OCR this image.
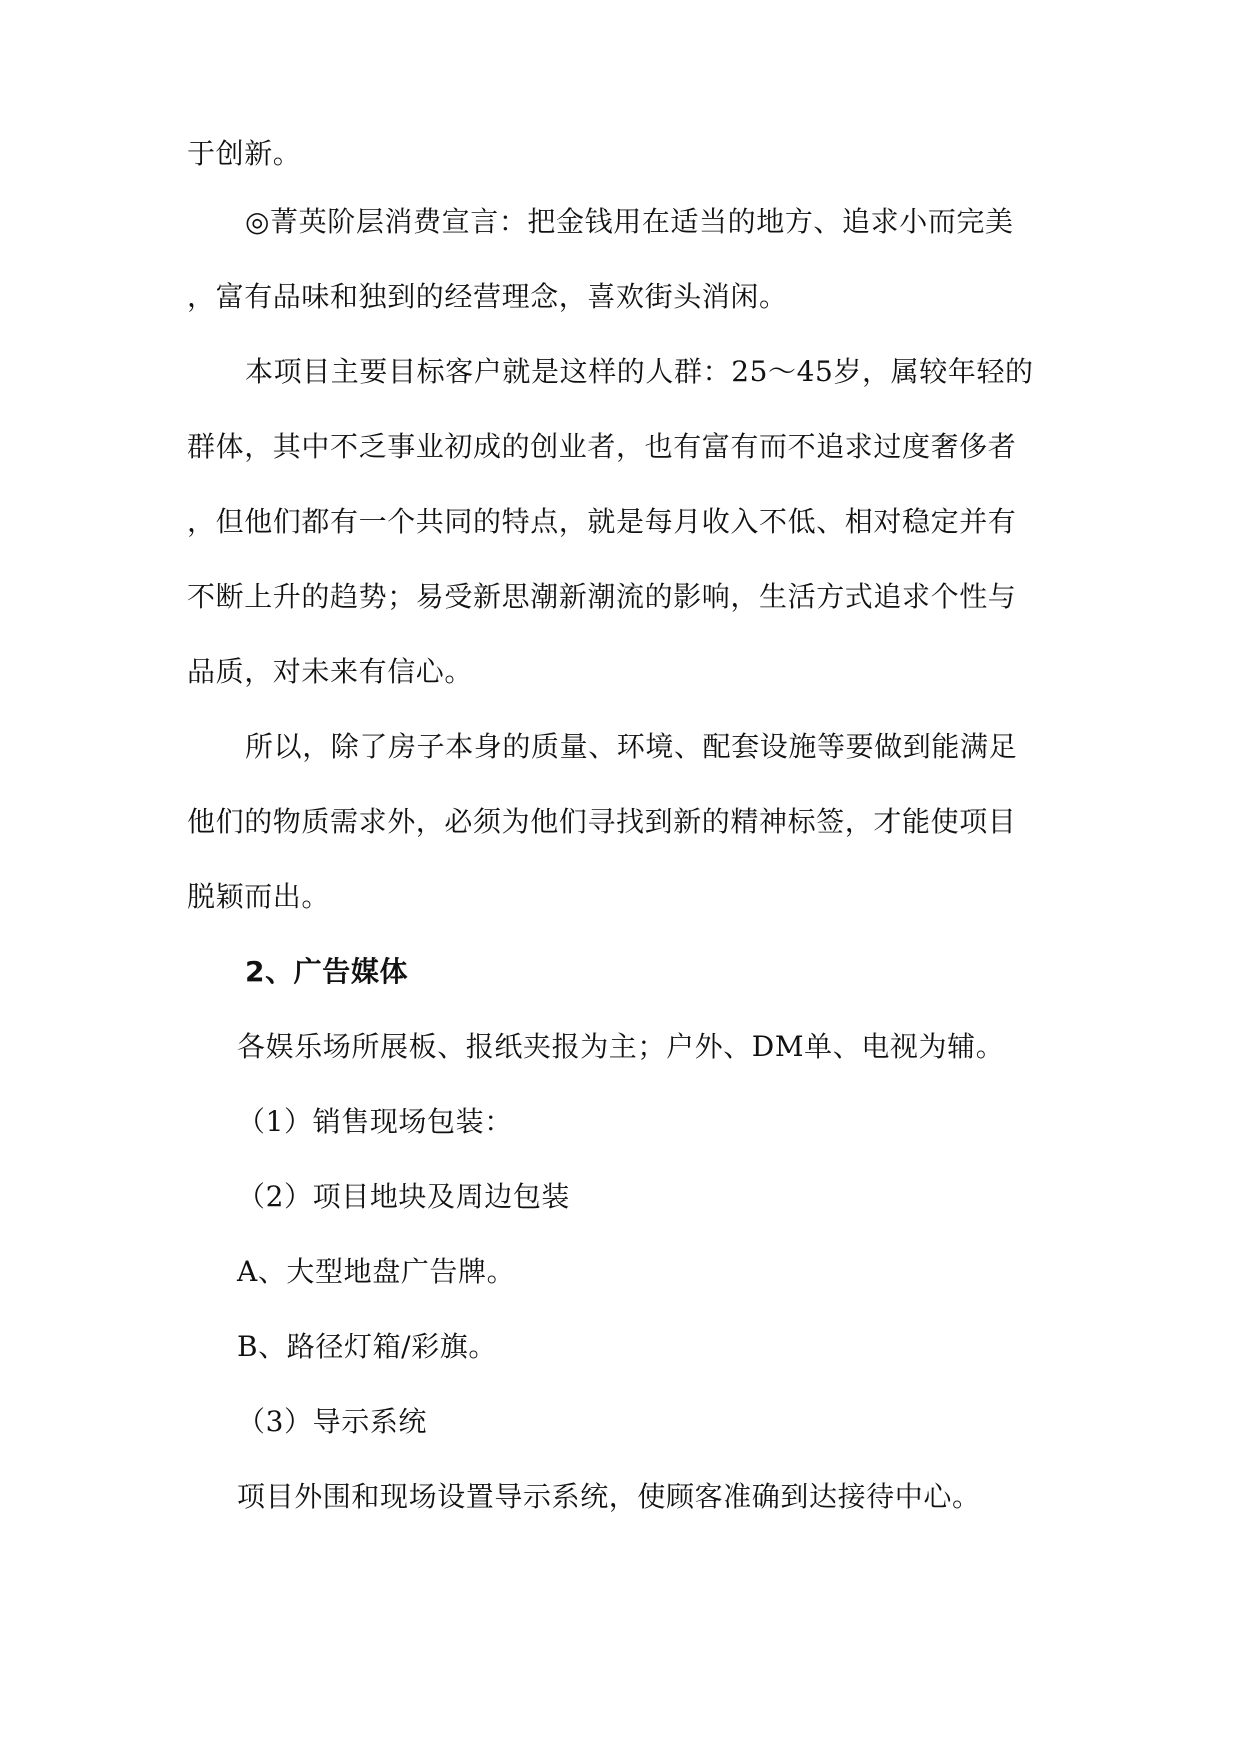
于创新。
◎菁英阶层消费宣言：把金钱用在适当的地方、追求小而完美
，富有品味和独到的经营理念，喜欢街头消闲。
本项目主要目标客户就是这样的人群：25～45岁，属较年轻的
群体，其中不乏事业初成的创业者，也有富有而不追求过度奢侈者
，但他们都有一个共同的特点，就是每月收入不低、相对稳定并有
不断上升的趋势；易受新思潮新潮流的影响，生活方式追求个性与
品质，对未来有信心。
所以，除了房子本身的质量、环境、配套设施等要做到能满足
他们的物质需求外，必须为他们寻找到新的精神标签，才能使项目
脱颖而出。
2、广告媒体
各娱乐场所展板、报纸夹报为主；户外、DM单、电视为辅。
（1）销售现场包装：
（2）项目地块及周边包装
A、大型地盘广告牌。
B、路径灯箱/彩旗。
（3）导示系统
项目外围和现场设置导示系统，使顾客准确到达接待中心。
